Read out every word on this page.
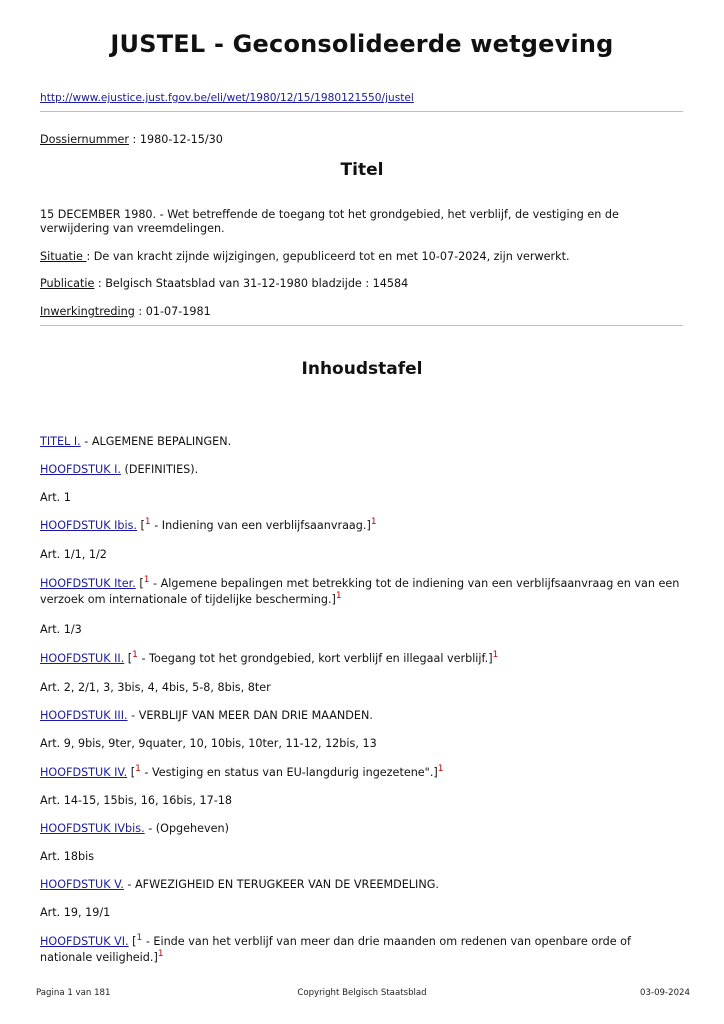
JUSTEL - Geconsolideerde wetgeving
http://www.ejustice.just.fgov.be/eli/wet/1980/12/15/1980121550/justel
Dossiernummer : 1980-12-15/30
Titel
15 DECEMBER 1980. - Wet betreffende de toegang tot het grondgebied, het verblijf, de vestiging en de verwijdering van vreemdelingen.
Situatie : De van kracht zijnde wijzigingen, gepubliceerd tot en met 10-07-2024, zijn verwerkt.
Publicatie : Belgisch Staatsblad van 31-12-1980 bladzijde : 14584
Inwerkingtreding : 01-07-1981
Inhoudstafel
TITEL I. - ALGEMENE BEPALINGEN.
HOOFDSTUK I. (DEFINITIES).
Art. 1
HOOFDSTUK Ibis. [$^1$ - Indiening van een verblijfsaanvraag.]$^1$
Art. 1/1, 1/2
HOOFDSTUK Iter. [$^1$ - Algemene bepalingen met betrekking tot de indiening van een verblijfsaanvraag en van een verzoek om internationale of tijdelijke bescherming.]$^1$
Art. 1/3
HOOFDSTUK II. [$^1$ - Toegang tot het grondgebied, kort verblijf en illegaal verblijf.]$^1$
Art. 2, 2/1, 3, 3bis, 4, 4bis, 5-8, 8bis, 8ter
HOOFDSTUK III. - VERBLIJF VAN MEER DAN DRIE MAANDEN.
Art. 9, 9bis, 9ter, 9quater, 10, 10bis, 10ter, 11-12, 12bis, 13
HOOFDSTUK IV. [$^1$ - Vestiging en status van EU-langdurig ingezetene".]$^1$
Art. 14-15, 15bis, 16, 16bis, 17-18
HOOFDSTUK IVbis. - (Opgeheven)
Art. 18bis
HOOFDSTUK V. - AFWEZIGHEID EN TERUGKEER VAN DE VREEMDELING.
Art. 19, 19/1
HOOFDSTUK VI. [$^1$ - Einde van het verblijf van meer dan drie maanden om redenen van openbare orde of nationale veiligheid.]$^1$
Pagina 1 van 181	Copyright Belgisch Staatsblad	03-09-2024
